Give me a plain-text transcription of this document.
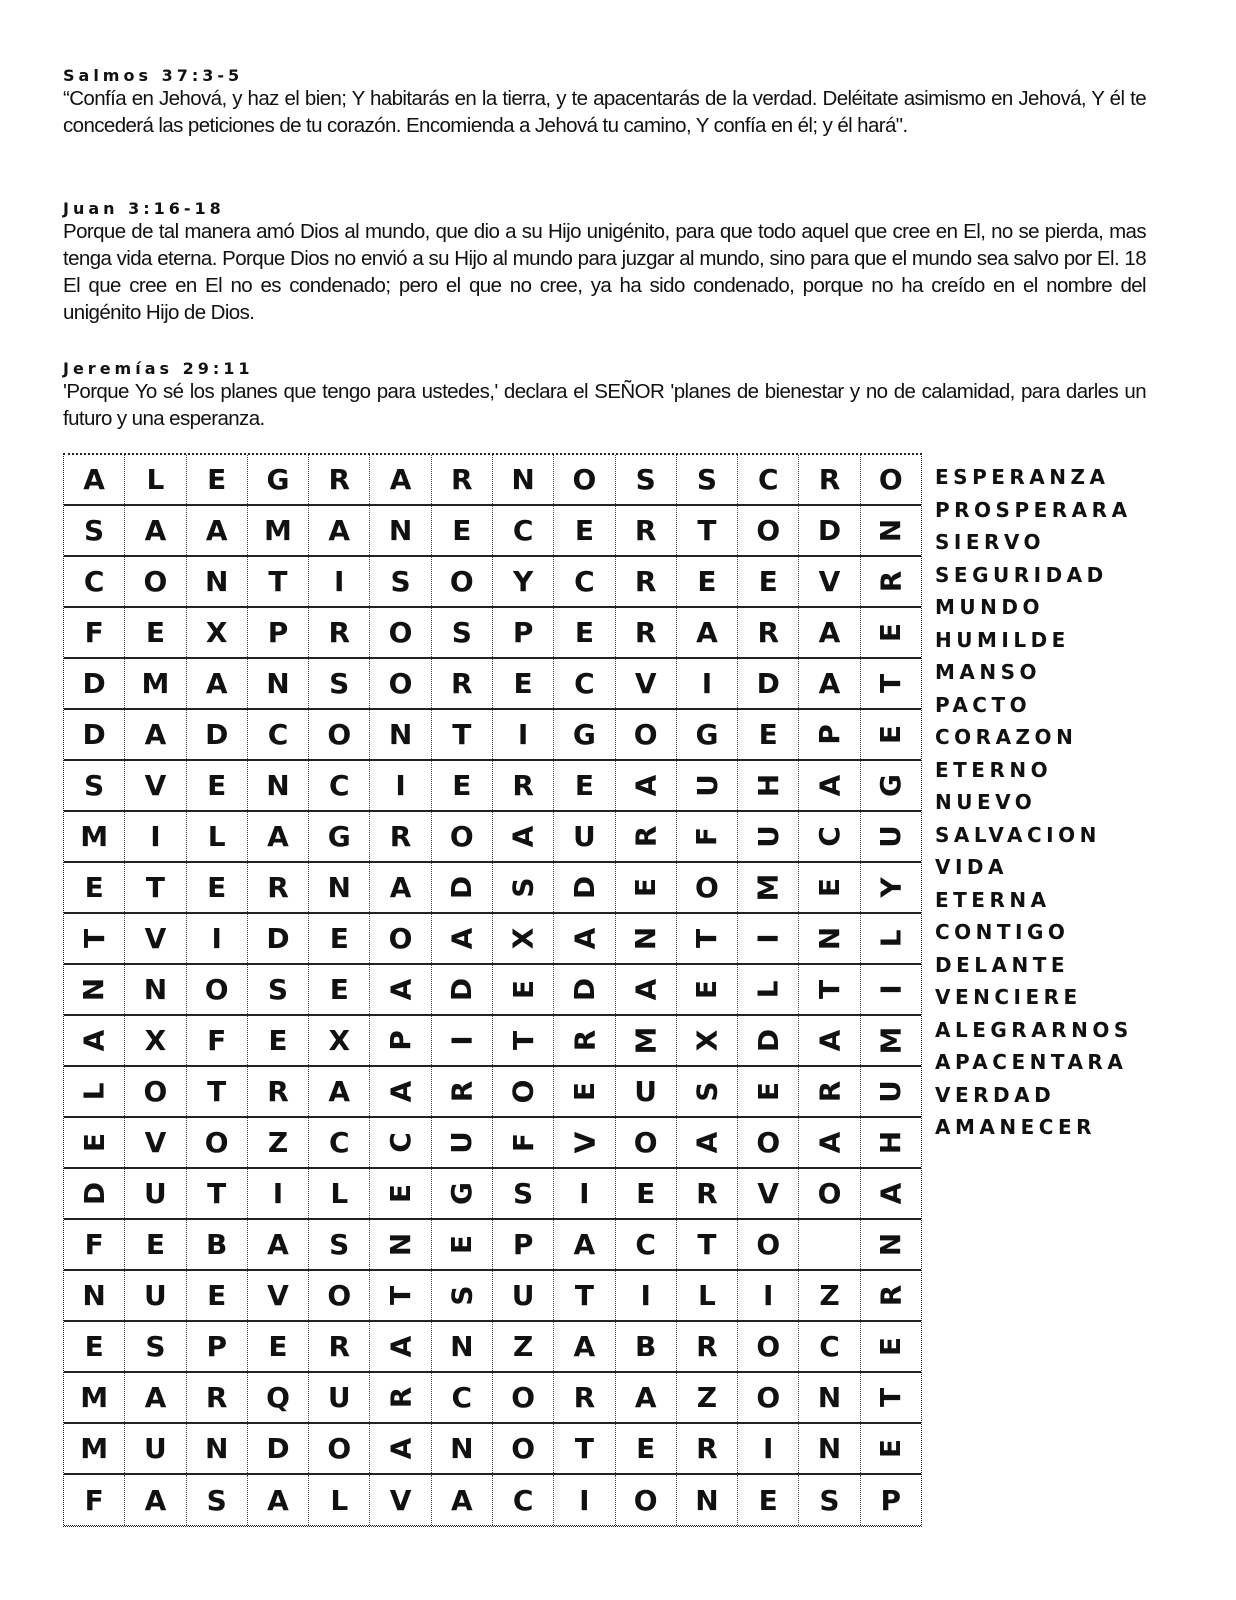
Salmos 37:3-5
“Confía en Jehová, y haz el bien; Y habitarás en la tierra, y te apacentarás de la verdad. Deléitate asimismo en Jehová, Y él te concederá las peticiones de tu corazón. Encomienda a Jehová tu camino, Y confía en él; y él hará".
Juan 3:16-18
Porque de tal manera amó Dios al mundo, que dio a su Hijo unigénito, para que todo aquel que cree en El, no se pierda, mas tenga vida eterna. Porque Dios no envió a su Hijo al mundo para juzgar al mundo, sino para que el mundo sea salvo por El. 18 El que cree en El no es condenado; pero el que no cree, ya ha sido condenado, porque no ha creído en el nombre del unigénito Hijo de Dios.
Jeremías 29:11
'Porque Yo sé los planes que tengo para ustedes,' declara el SEÑOR 'planes de bienestar y no de calamidad, para darles un futuro y una esperanza.
A L E G R A R N O S S C R O
S A A M A N E C E R T O D N
C O N T I S O Y C R E E V R
F E X P R O S P E R A R A E
D M A N S O R E C V I D A T
D A D C O N T I G O G E P E
S V E N C I E R E A U H A G
M I L A G R O A U R F U C U
E T E R N A D S D E O M E Y
T V I D E O A X A N T I N L
N N O S E A D E D A E L T I
A X F E X P I T R M X D A M
L O T R A A R O E U S E R U
E V O Z C C U F V O A O A H
D U T I L E G S I E R V O A
F E B A S N E P A C T O	N
N U E V O T S U T I L I Z R
E S P E R A N Z A B R O C E
M A R Q U R C O R A Z O N T
M U N D O A N O T E R I N E
F A S A L V A C I O N E S P
ESPERANZA
PROSPERARA
SIERVO
SEGURIDAD
MUNDO
HUMILDE
MANSO
PACTO
CORAZON
ETERNO
NUEVO
SALVACION
VIDA
ETERNA
CONTIGO
DELANTE
VENCIERE
ALEGRARNOS
APACENTARA
VERDAD
AMANECER
